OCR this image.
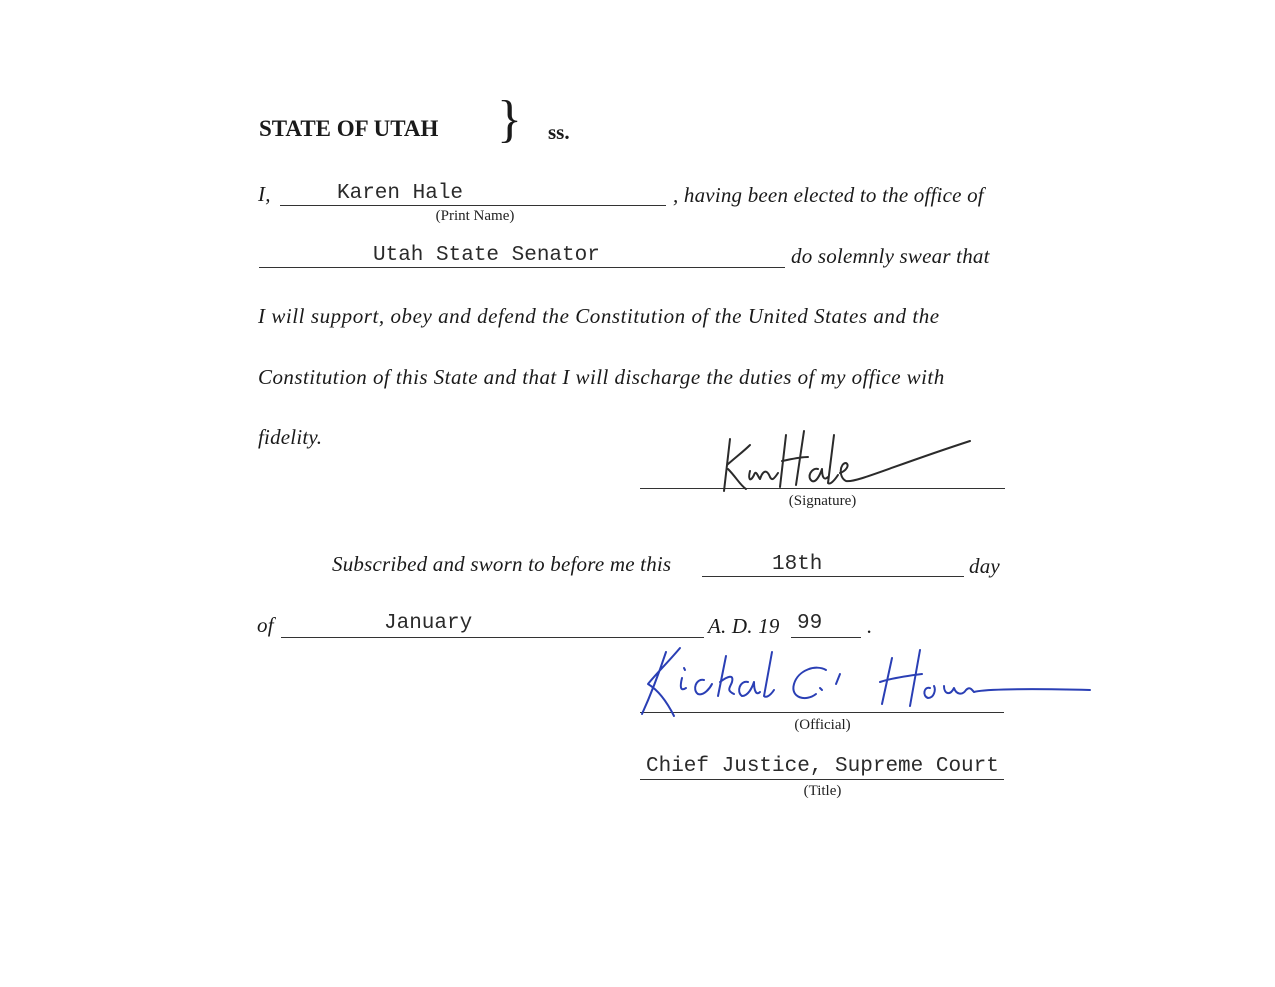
STATE OF UTAH } ss.
I,	Karen Hale
(Print Name)
, having been elected to the office of
Utah State Senator	do solemnly swear that
I will support, obey and defend the Constitution of the United States and the
Constitution of this State and that I will discharge the duties of my office with
fidelity.
(Signature)
Subscribed and sworn to before me this	18th	day
of	January	A. D. 19 99 .
(Official)
Chief Justice, Supreme Court
(Title)
